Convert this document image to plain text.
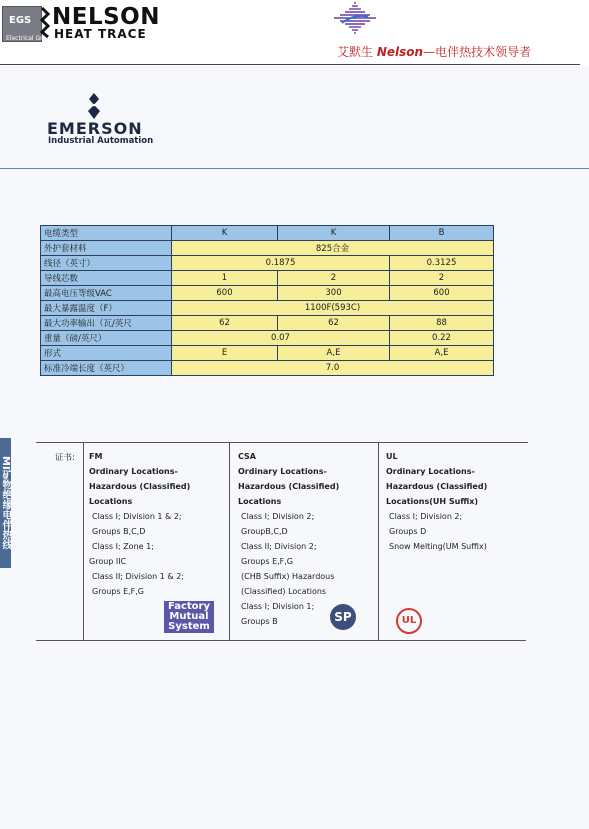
EGS
Electrical Group
NELSON
HEAT TRACE
艾默生 Nelson—电伴热技术领导者
EMERSON
Industrial Automation
电缆类型	K	K	B
外护套材料	825合金		
线径（英寸）	0.1875		0.3125
导线芯数	1	2	2
最高电压等级VAC	600	300	600
最大暴露温度（F）	1100F(593C)		
最大功率输出（瓦/英尺	62	62	88
重量（磅/英尺）	0.07		0.22
形式	E	A,E	A,E
标准冷端长度（英尺）	7.0		
MI矿物绝缘电伴热线	证书: FM
Ordinary Locations-
Hazardous (Classified)
Locations
Class I; Division 1 & 2;
Groups B,C,D
Class I; Zone 1;
Group IIC
Class II; Division 1 & 2;
Groups E,F,G
Factory
Mutual
System
CSA
Ordinary Locations-
Hazardous (Classified)
Locations
Class I; Division 2;
GroupB,C,D
Class II; Division 2;
Groups E,F,G
(CHB Suffix) Hazardous
(Classified) Locations
Class I; Division 1;
Groups B	SP
UL
Ordinary Locations-
Hazardous (Classified)
Locations(UH Suffix)
Class I; Division 2;
Groups D
Snow Melting(UM Suffix)
UL
